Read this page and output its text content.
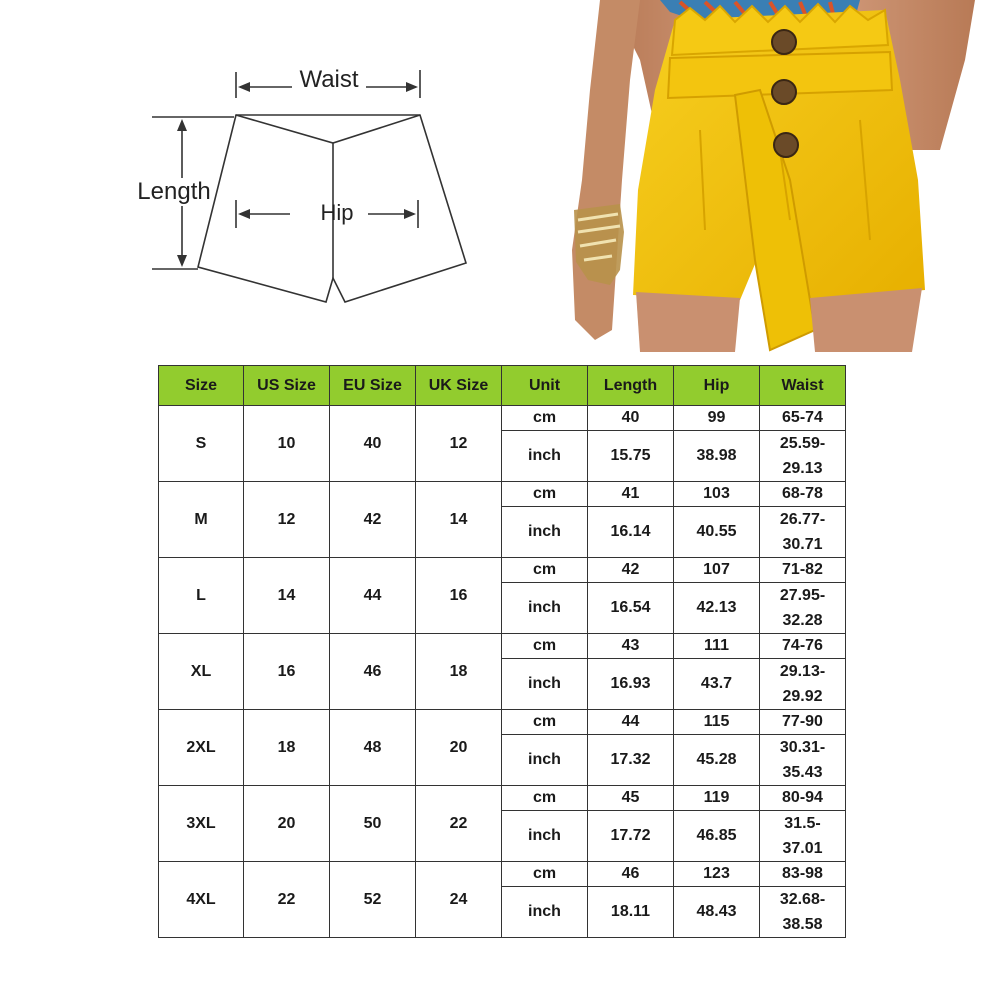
Waist
Length
Hip
Size	US Size	EU Size	UK Size	Unit	Length	Hip	Waist
S	10	40	12	cm	40	99	65-74
				inch	15.75	38.98	25.59-
29.13
M	12	42	14	cm	41	103	68-78
				inch	16.14	40.55	26.77-
30.71
L	14	44	16	cm	42	107	71-82
				inch	16.54	42.13	27.95-
32.28
XL	16	46	18	cm	43	111	74-76
				inch	16.93	43.7	29.13-
29.92
2XL	18	48	20	cm	44	115	77-90
				inch	17.32	45.28	30.31-
35.43
3XL	20	50	22	cm	45	119	80-94
				inch	17.72	46.85	31.5-
37.01
4XL	22	52	24	cm	46	123	83-98
				inch	18.11	48.43	32.68-
38.58
